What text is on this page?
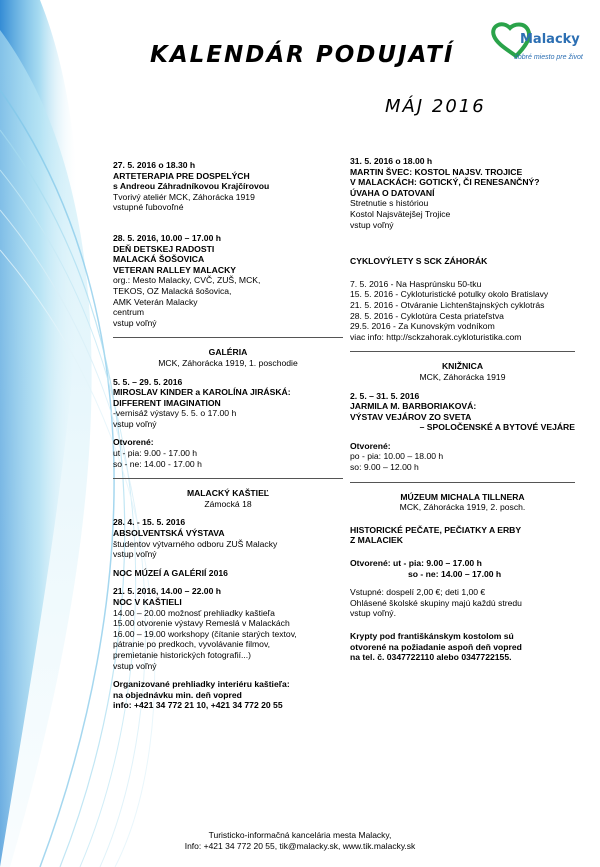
KALENDÁR PODUJATÍ
MÁJ 2016
Malacky
dobré miesto pre život
27. 5. 2016 o 18.30 h
ARTETERAPIA PRE DOSPELÝCH
s Andreou Záhradníkovou Krajčírovou
Tvorivý ateliér MCK, Záhorácka 1919
vstupné ľubovoľné
28. 5. 2016, 10.00 – 17.00 h
DEŇ DETSKEJ RADOSTI
MALACKÁ ŠOŠOVICA
VETERAN RALLEY MALACKY
org.: Mesto Malacky, CVČ, ZUŠ, MCK,
TEKOS, OZ Malacká šošovica,
AMK Veterán Malacky
centrum
vstup voľný
GALÉRIA
MCK, Záhorácka 1919, 1. poschodie
5. 5. – 29. 5. 2016
MIROSLAV KINDER a KAROLÍNA JIRÁSKÁ:
DIFFERENT IMAGINATION
-vernisáž výstavy 5. 5. o 17.00 h
vstup voľný
Otvorené:
ut - pia: 9.00 - 17.00 h
so - ne: 14.00 - 17.00 h
MALACKÝ KAŠTIEĽ
Zámocká 18
28. 4. - 15. 5. 2016
ABSOLVENTSKÁ VÝSTAVA
študentov výtvarného odboru ZUŠ Malacky
vstup voľný
NOC MÚZEÍ A GALÉRIÍ 2016
21. 5. 2016, 14.00 – 22.00 h
NOC V KAŠTIELI
14.00 – 20.00 možnosť prehliadky kaštieľa
15.00 otvorenie výstavy Remeslá v Malackách
16.00 – 19.00 workshopy (čítanie starých textov,
pátranie po predkoch, vyvolávanie filmov,
premietanie historických fotografií...)
vstup voľný
Organizované prehliadky interiéru kaštieľa:
na objednávku min. deň vopred
info: +421 34 772 21 10, +421 34 772 20 55
31. 5. 2016 o 18.00 h
MARTIN ŠVEC: KOSTOL NAJSV. TROJICE
V MALACKÁCH: GOTICKÝ, ČI RENESANČNÝ?
ÚVAHA O DATOVANÍ
Stretnutie s históriou
Kostol Najsvätejšej Trojice
vstup voľný
CYKLOVÝLETY S SCK ZÁHORÁK
7. 5. 2016 - Na Hasprúnsku 50-tku
15. 5. 2016 - Cykloturistické potulky okolo Bratislavy
21. 5. 2016 - Otváranie Lichtenštajnských cyklotrás
28. 5. 2016 - Cyklotúra Cesta priateľstva
29.5. 2016 - Za Kunovským vodníkom
viac info: http://sckzahorak.cykloturistika.com
KNIŽNICA
MCK, Záhorácka 1919
2. 5. – 31. 5. 2016
JARMILA M. BARBORIAKOVÁ:
VÝSTAV VEJÁROV ZO SVETA
– SPOLOČENSKÉ A BYTOVÉ VEJÁRE
Otvorené:
po - pia: 10.00 – 18.00 h
so: 9.00 – 12.00 h
MÚZEUM MICHALA TILLNERA
MCK, Záhorácka 1919, 2. posch.
HISTORICKÉ PEČATE, PEČIATKY A ERBY
Z MALACIEK
Otvorené: ut - pia: 9.00 – 17.00 h
so - ne: 14.00 – 17.00 h
Vstupné: dospelí 2,00 €; deti 1,00 €
Ohlásené školské skupiny majú každú stredu
vstup voľný.
Krypty pod františkánskym kostolom sú
otvorené na požiadanie aspoň deň vopred
na tel. č. 0347722110 alebo 0347722155.
Turisticko-informačná kancelária mesta Malacky,
Info: +421 34 772 20 55, tik@malacky.sk, www.tik.malacky.sk
